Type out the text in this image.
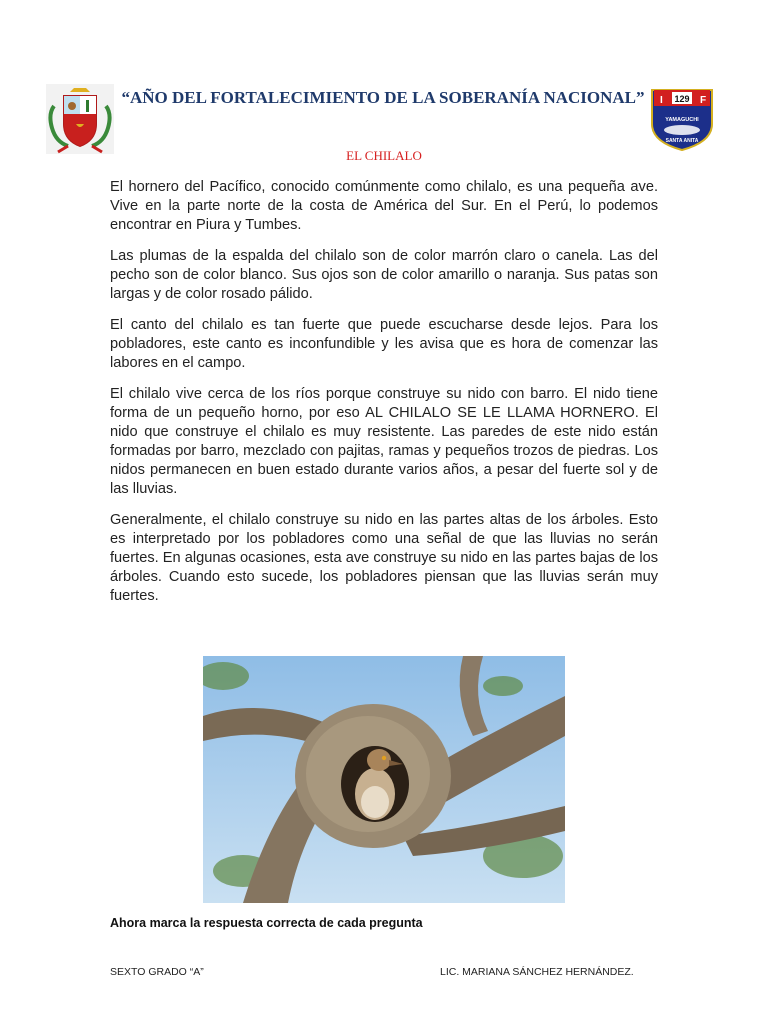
“AÑO DEL FORTALECIMIENTO DE LA SOBERANÍA NACIONAL”	I 129 F
YAMAGUCHI
SANTA ANITA
EL CHILALO

El hornero del Pacífico, conocido comúnmente como chilalo, es una pequeña ave. Vive en la parte norte de la costa de América del Sur. En el Perú, lo podemos encontrar en Piura y Tumbes.

Las plumas de la espalda del chilalo son de color marrón claro o canela. Las del pecho son de color blanco. Sus ojos son de color amarillo o naranja. Sus patas son largas y de color rosado pálido.

El canto del chilalo es tan fuerte que puede escucharse desde lejos. Para los pobladores, este canto es inconfundible y les avisa que es hora de comenzar las labores en el campo.

El chilalo vive cerca de los ríos porque construye su nido con barro. El nido tiene forma de un pequeño horno, por eso AL CHILALO SE LE LLAMA HORNERO. El nido que construye el chilalo es muy resistente. Las paredes de este nido están formadas por barro, mezclado con pajitas, ramas y pequeños trozos de piedras. Los nidos permanecen en buen estado durante varios años, a pesar del fuerte sol y de las lluvias.

Generalmente, el chilalo construye su nido en las partes altas de los árboles. Esto es interpretado por los pobladores como una señal de que las lluvias no serán fuertes. En algunas ocasiones, esta ave construye su nido en las partes bajas de los árboles. Cuando esto sucede, los pobladores piensan que las lluvias serán muy fuertes.

Ahora marca la respuesta correcta de cada pregunta
SEXTO GRADO “A”	LIC. MARIANA SÁNCHEZ HERNÁNDEZ.
